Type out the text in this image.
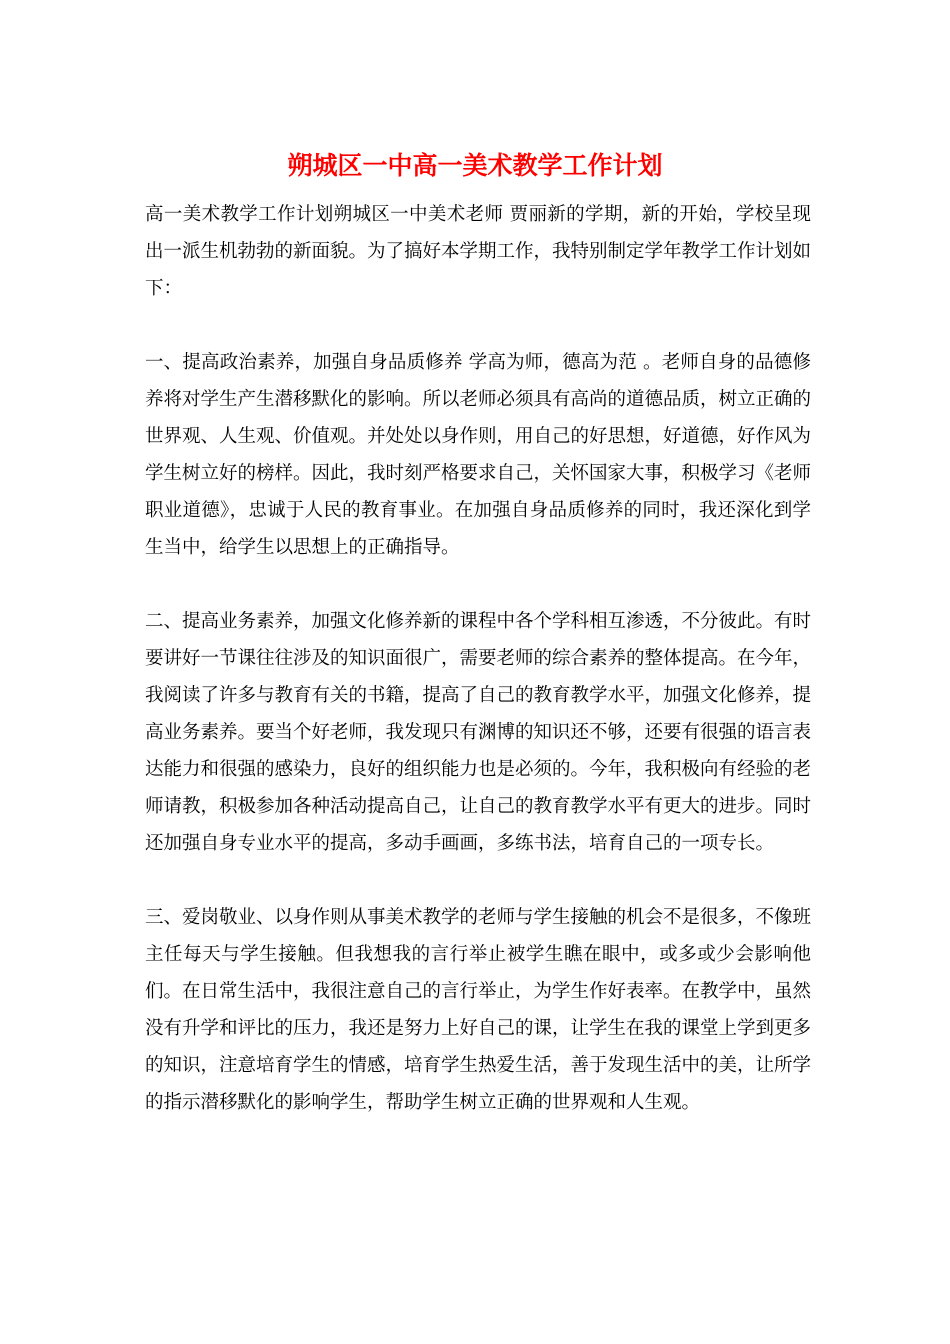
朔城区一中高一美术教学工作计划

高一美术教学工作计划朔城区一中美术老师 贾丽新的学期，新的开始，学校呈现出一派生机勃勃的新面貌。为了搞好本学期工作，我特别制定学年教学工作计划如下：

一、提高政治素养，加强自身品质修养 学高为师，德高为范 。老师自身的品德修养将对学生产生潜移默化的影响。所以老师必须具有高尚的道德品质，树立正确的世界观、人生观、价值观。并处处以身作则，用自己的好思想，好道德，好作风为学生树立好的榜样。因此，我时刻严格要求自己，关怀国家大事，积极学习《老师职业道德》，忠诚于人民的教育事业。在加强自身品质修养的同时，我还深化到学生当中，给学生以思想上的正确指导。

二、提高业务素养，加强文化修养新的课程中各个学科相互渗透，不分彼此。有时要讲好一节课往往涉及的知识面很广，需要老师的综合素养的整体提高。在今年，我阅读了许多与教育有关的书籍，提高了自己的教育教学水平，加强文化修养，提高业务素养。要当个好老师，我发现只有渊博的知识还不够，还要有很强的语言表达能力和很强的感染力，良好的组织能力也是必须的。今年，我积极向有经验的老师请教，积极参加各种活动提高自己，让自己的教育教学水平有更大的进步。同时还加强自身专业水平的提高，多动手画画，多练书法，培育自己的一项专长。

三、爱岗敬业、以身作则从事美术教学的老师与学生接触的机会不是很多，不像班主任每天与学生接触。但我想我的言行举止被学生瞧在眼中，或多或少会影响他们。在日常生活中，我很注意自己的言行举止，为学生作好表率。在教学中，虽然没有升学和评比的压力，我还是努力上好自己的课，让学生在我的课堂上学到更多的知识，注意培育学生的情感，培育学生热爱生活，善于发现生活中的美，让所学的指示潜移默化的影响学生，帮助学生树立正确的世界观和人生观。
